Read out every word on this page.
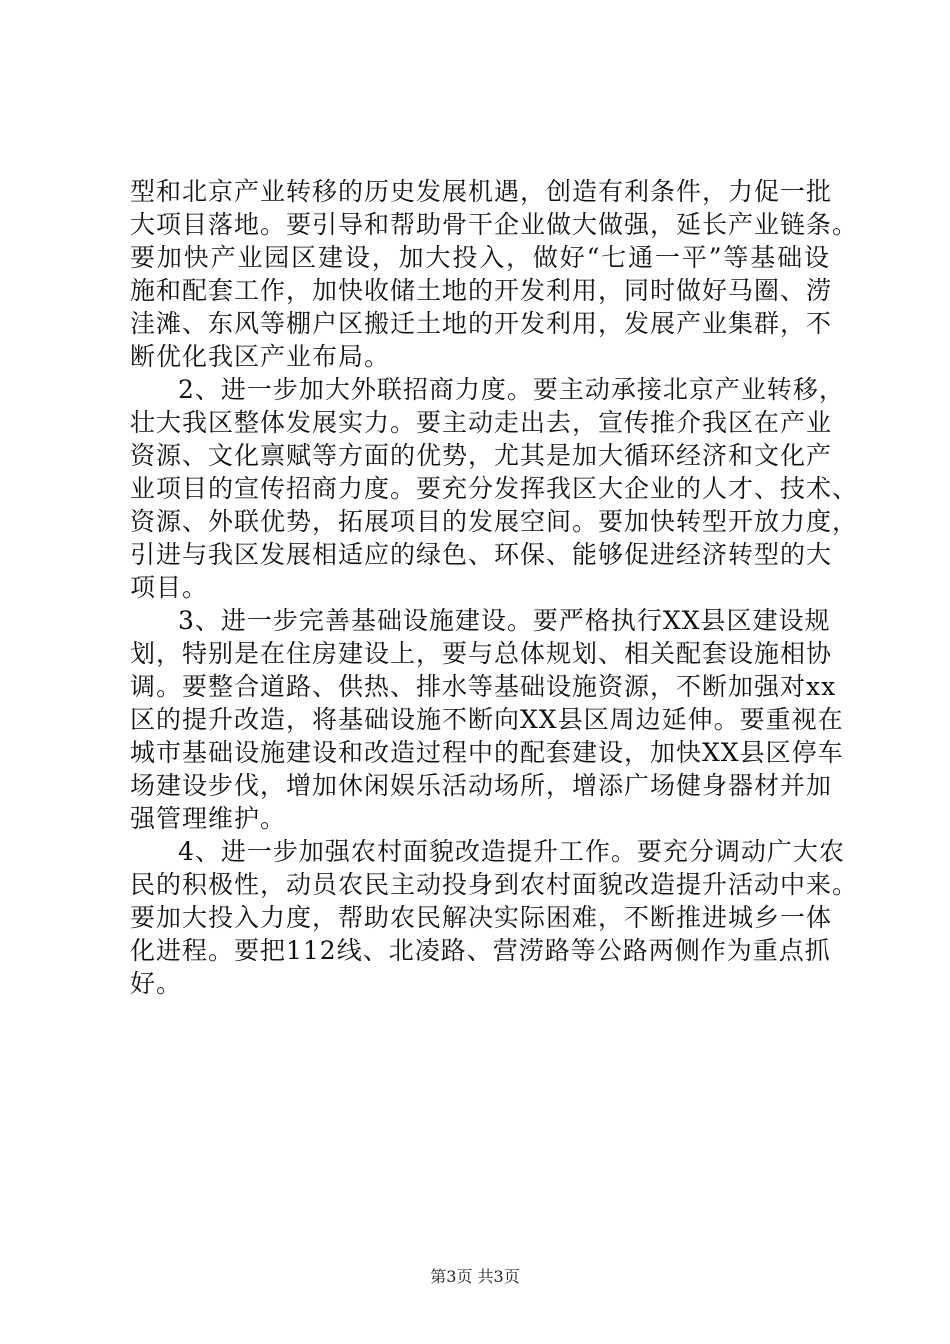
型和北京产业转移的历史发展机遇，创造有利条件，力促一批
大项目落地。要引导和帮助骨干企业做大做强，延长产业链条。
要加快产业园区建设，加大投入，做好“七通一平”等基础设
施和配套工作，加快收储土地的开发利用，同时做好马圈、涝
洼滩、东风等棚户区搬迁土地的开发利用，发展产业集群，不
断优化我区产业布局。
2、进一步加大外联招商力度。要主动承接北京产业转移，
壮大我区整体发展实力。要主动走出去，宣传推介我区在产业
资源、文化禀赋等方面的优势，尤其是加大循环经济和文化产
业项目的宣传招商力度。要充分发挥我区大企业的人才、技术、
资源、外联优势，拓展项目的发展空间。要加快转型开放力度，
引进与我区发展相适应的绿色、环保、能够促进经济转型的大
项目。
3、进一步完善基础设施建设。要严格执行XX县区建设规
划，特别是在住房建设上，要与总体规划、相关配套设施相协
调。要整合道路、供热、排水等基础设施资源，不断加强对xx
区的提升改造，将基础设施不断向XX县区周边延伸。要重视在
城市基础设施建设和改造过程中的配套建设，加快XX县区停车
场建设步伐，增加休闲娱乐活动场所，增添广场健身器材并加
强管理维护。
4、进一步加强农村面貌改造提升工作。要充分调动广大农
民的积极性，动员农民主动投身到农村面貌改造提升活动中来。
要加大投入力度，帮助农民解决实际困难，不断推进城乡一体
化进程。要把112线、北凌路、营涝路等公路两侧作为重点抓
好。
第3页 共3页
